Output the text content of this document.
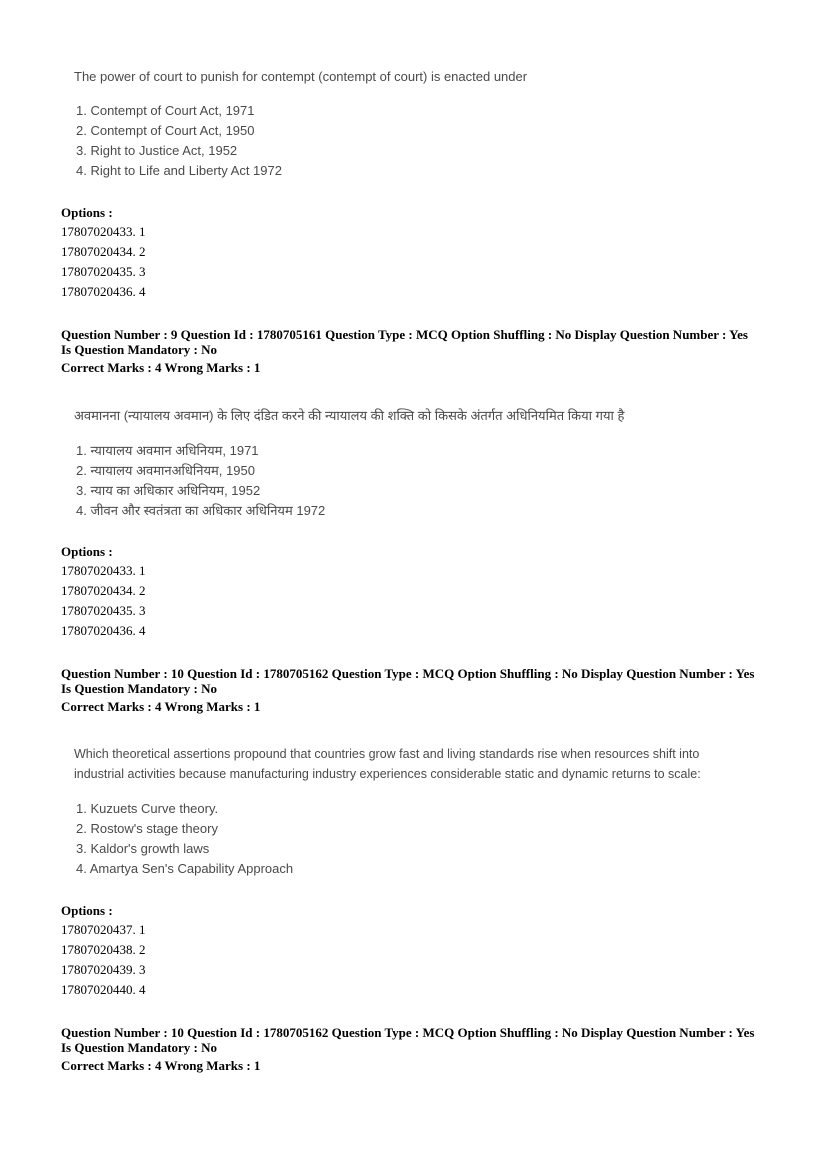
The power of court to punish for contempt (contempt of court) is enacted under
1. Contempt of Court Act, 1971
2. Contempt of Court Act, 1950
3. Right to Justice Act, 1952
4. Right to Life and Liberty Act 1972
Options :
17807020433. 1
17807020434. 2
17807020435. 3
17807020436. 4
Question Number : 9 Question Id : 1780705161 Question Type : MCQ Option Shuffling : No Display Question Number : Yes
Is Question Mandatory : No
Correct Marks : 4 Wrong Marks : 1
अवमानना (न्यायालय अवमान) के लिए दंडित करने की न्यायालय की शक्ति को किसके अंतर्गत अधिनियमित किया गया है
1. न्यायालय अवमान अधिनियम, 1971
2. न्यायालय अवमानअधिनियम, 1950
3. न्याय का अधिकार अधिनियम, 1952
4. जीवन और स्वतंत्रता का अधिकार अधिनियम 1972
Options :
17807020433. 1
17807020434. 2
17807020435. 3
17807020436. 4
Question Number : 10 Question Id : 1780705162 Question Type : MCQ Option Shuffling : No Display Question Number : Yes
Is Question Mandatory : No
Correct Marks : 4 Wrong Marks : 1
Which theoretical assertions propound that countries grow fast and living standards rise when resources shift into
industrial activities because manufacturing industry experiences considerable static and dynamic returns to scale:
1. Kuzuets Curve theory.
2. Rostow's stage theory
3. Kaldor's growth laws
4. Amartya Sen's Capability Approach
Options :
17807020437. 1
17807020438. 2
17807020439. 3
17807020440. 4
Question Number : 10 Question Id : 1780705162 Question Type : MCQ Option Shuffling : No Display Question Number : Yes
Is Question Mandatory : No
Correct Marks : 4 Wrong Marks : 1
